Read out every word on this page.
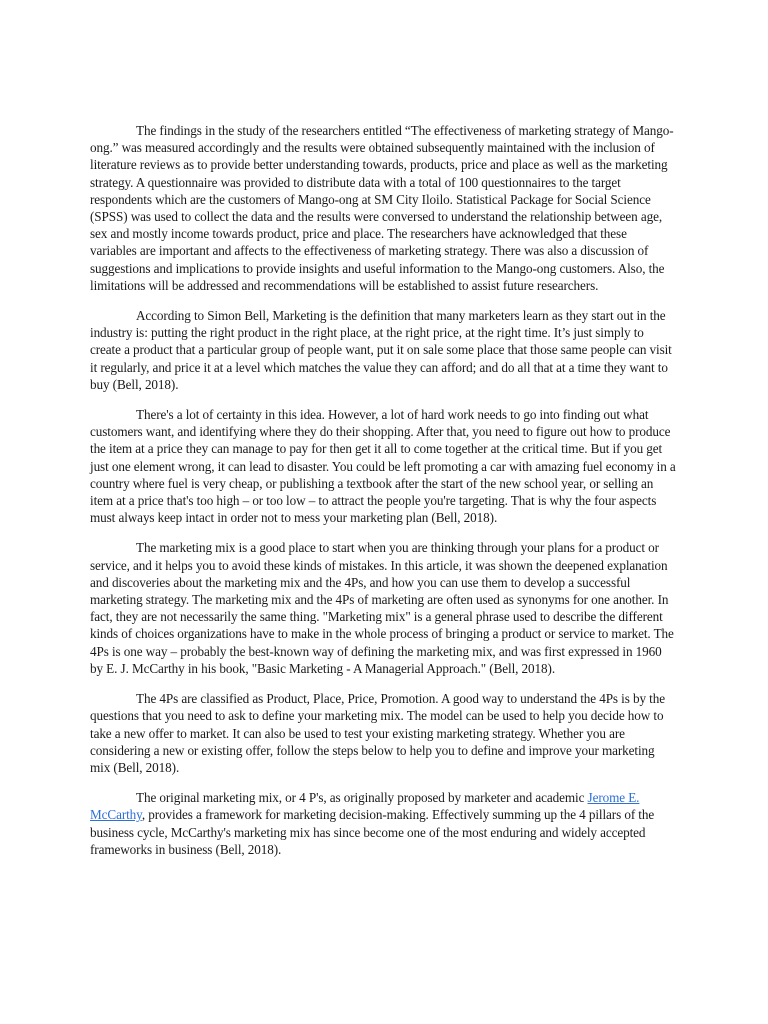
The findings in the study of the researchers entitled “The effectiveness of marketing strategy of Mango-ong.” was measured accordingly and the results were obtained subsequently maintained with the inclusion of literature reviews as to provide better understanding towards, products, price and place as well as the marketing strategy. A questionnaire was provided to distribute data with a total of 100 questionnaires to the target respondents which are the customers of Mango-ong at SM City Iloilo. Statistical Package for Social Science (SPSS) was used to collect the data and the results were conversed to understand the relationship between age, sex and mostly income towards product, price and place. The researchers have acknowledged that these variables are important and affects to the effectiveness of marketing strategy. There was also a discussion of suggestions and implications to provide insights and useful information to the Mango-ong customers. Also, the limitations will be addressed and recommendations will be established to assist future researchers.

According to Simon Bell, Marketing is the definition that many marketers learn as they start out in the industry is: putting the right product in the right place, at the right price, at the right time. It’s just simply to create a product that a particular group of people want, put it on sale some place that those same people can visit it regularly, and price it at a level which matches the value they can afford; and do all that at a time they want to buy (Bell, 2018).

There's a lot of certainty in this idea. However, a lot of hard work needs to go into finding out what customers want, and identifying where they do their shopping. After that, you need to figure out how to produce the item at a price they can manage to pay for then get it all to come together at the critical time. But if you get just one element wrong, it can lead to disaster. You could be left promoting a car with amazing fuel economy in a country where fuel is very cheap, or publishing a textbook after the start of the new school year, or selling an item at a price that's too high – or too low – to attract the people you're targeting. That is why the four aspects must always keep intact in order not to mess your marketing plan (Bell, 2018).

The marketing mix is a good place to start when you are thinking through your plans for a product or service, and it helps you to avoid these kinds of mistakes. In this article, it was shown the deepened explanation and discoveries about the marketing mix and the 4Ps, and how you can use them to develop a successful marketing strategy. The marketing mix and the 4Ps of marketing are often used as synonyms for one another. In fact, they are not necessarily the same thing. "Marketing mix" is a general phrase used to describe the different kinds of choices organizations have to make in the whole process of bringing a product or service to market. The 4Ps is one way – probably the best-known way of defining the marketing mix, and was first expressed in 1960 by E. J. McCarthy in his book, "Basic Marketing - A Managerial Approach." (Bell, 2018).

The 4Ps are classified as Product, Place, Price, Promotion. A good way to understand the 4Ps is by the questions that you need to ask to define your marketing mix. The model can be used to help you decide how to take a new offer to market. It can also be used to test your existing marketing strategy. Whether you are considering a new or existing offer, follow the steps below to help you to define and improve your marketing mix (Bell, 2018).

The original marketing mix, or 4 P's, as originally proposed by marketer and academic Jerome E. McCarthy, provides a framework for marketing decision-making. Effectively summing up the 4 pillars of the business cycle, McCarthy's marketing mix has since become one of the most enduring and widely accepted frameworks in business (Bell, 2018).
